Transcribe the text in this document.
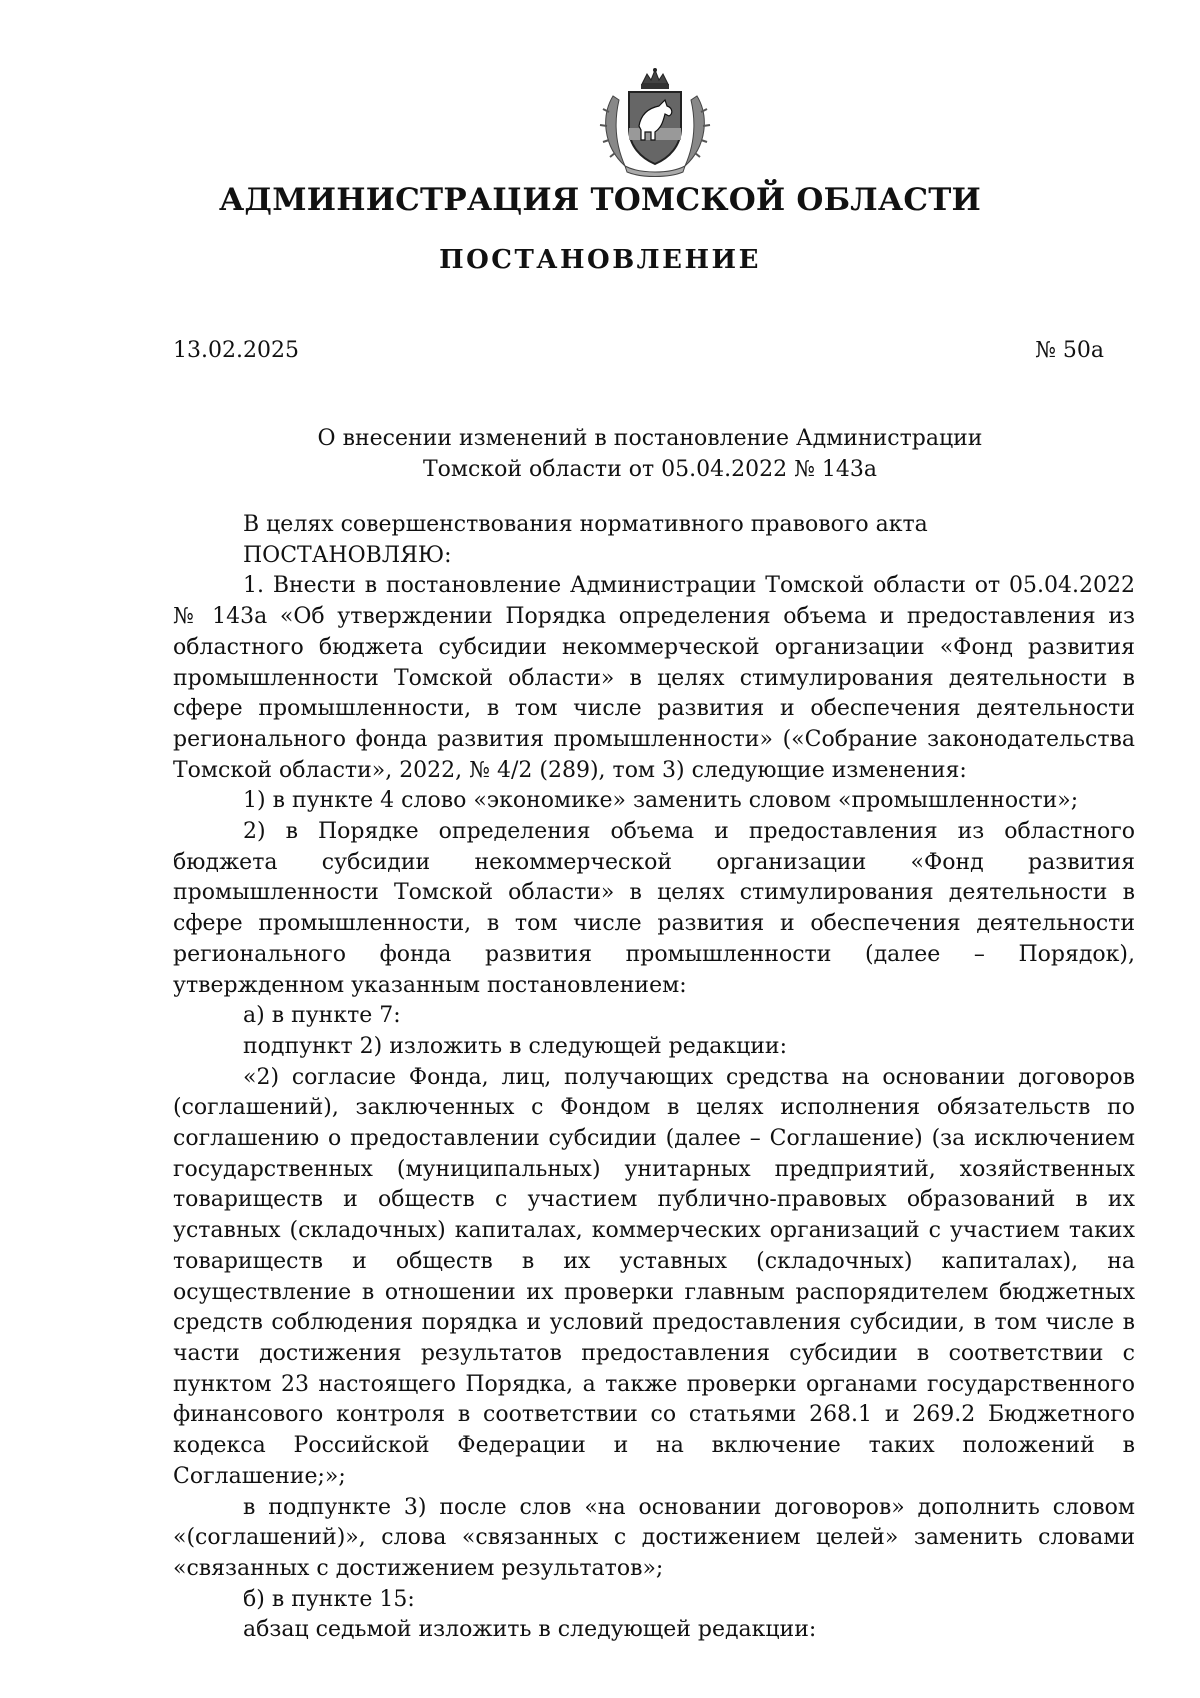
АДМИНИСТРАЦИЯ ТОМСКОЙ ОБЛАСТИ
ПОСТАНОВЛЕНИЕ
13.02.2025	№ 50а
О внесении изменений в постановление Администрации
Томской области от 05.04.2022 № 143а

В целях совершенствования нормативного правового акта

ПОСТАНОВЛЯЮ:

1. Внести в постановление Администрации Томской области от 05.04.2022 № 143а «Об утверждении Порядка определения объема и предоставления из областного бюджета субсидии некоммерческой организации «Фонд развития промышленности Томской области» в целях стимулирования деятельности в сфере промышленности, в том числе развития и обеспечения деятельности регионального фонда развития промышленности» («Собрание законодательства Томской области», 2022, № 4/2 (289), том 3) следующие изменения:

1) в пункте 4 слово «экономике» заменить словом «промышленности»;

2) в Порядке определения объема и предоставления из областного бюджета субсидии некоммерческой организации «Фонд развития промышленности Томской области» в целях стимулирования деятельности в сфере промышленности, в том числе развития и обеспечения деятельности регионального фонда развития промышленности (далее – Порядок), утвержденном указанным постановлением:

а) в пункте 7:

подпункт 2) изложить в следующей редакции:

«2) согласие Фонда, лиц, получающих средства на основании договоров (соглашений), заключенных с Фондом в целях исполнения обязательств по соглашению о предоставлении субсидии (далее – Соглашение) (за исключением государственных (муниципальных) унитарных предприятий, хозяйственных товариществ и обществ с участием публично-правовых образований в их уставных (складочных) капиталах, коммерческих организаций с участием таких товариществ и обществ в их уставных (складочных) капиталах), на осуществление в отношении их проверки главным распорядителем бюджетных средств соблюдения порядка и условий предоставления субсидии, в том числе в части достижения результатов предоставления субсидии в соответствии с пунктом 23 настоящего Порядка, а также проверки органами государственного финансового контроля в соответствии со статьями 268.1 и 269.2 Бюджетного кодекса Российской Федерации и на включение таких положений в Соглашение;»;

в подпункте 3) после слов «на основании договоров» дополнить словом «(соглашений)», слова «связанных с достижением целей» заменить словами «связанных с достижением результатов»;

б) в пункте 15:

абзац седьмой изложить в следующей редакции:
